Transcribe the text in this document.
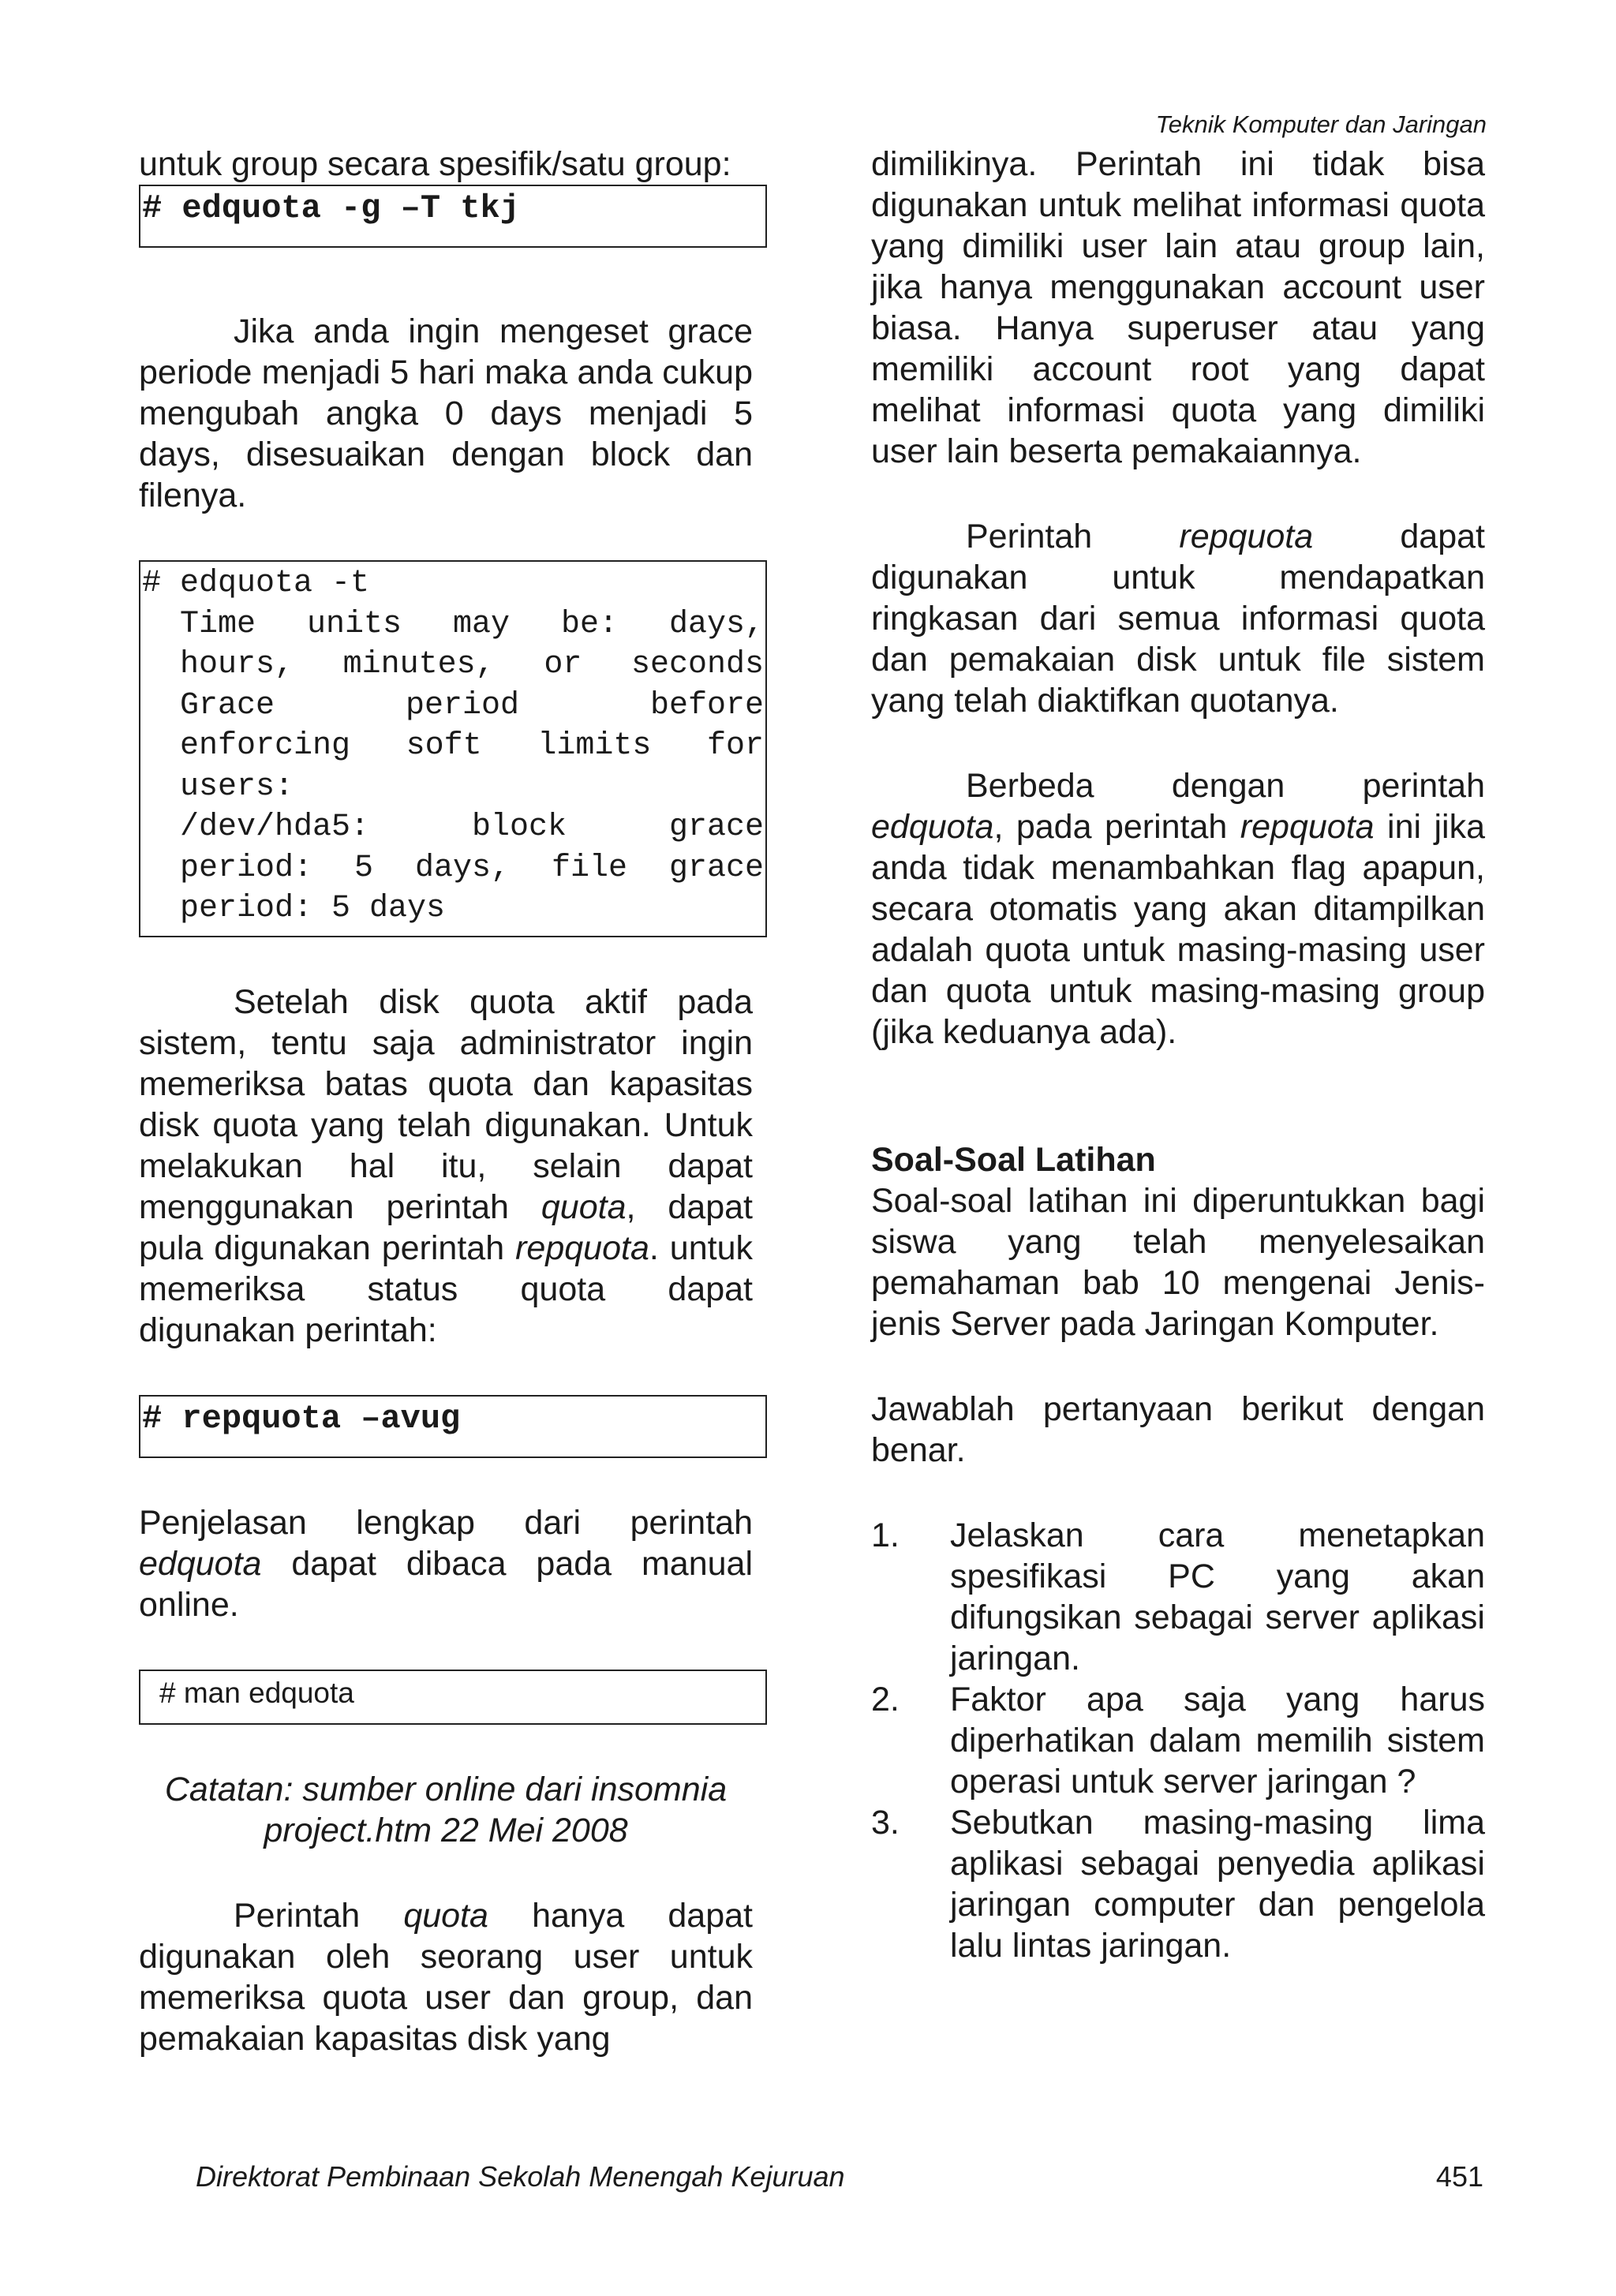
Teknik Komputer dan Jaringan

untuk group secara spesifik/satu group:

# edquota -g –T tkj

Jika anda ingin mengeset grace periode menjadi 5 hari maka anda cukup mengubah angka 0 days menjadi 5 days, disesuaikan dengan block dan filenya.

# edquota -t
Time units may be: days,
hours, minutes, or seconds
Grace period before
enforcing soft limits for
users:
/dev/hda5: block grace
period: 5 days, file grace
period: 5 days

Setelah disk quota aktif pada sistem, tentu saja administrator ingin memeriksa batas quota dan kapasitas disk quota yang telah digunakan. Untuk melakukan hal itu, selain dapat menggunakan perintah quota, dapat pula digunakan perintah repquota. untuk memeriksa status quota dapat digunakan perintah:

# repquota –avug

Penjelasan lengkap dari perintah edquota dapat dibaca pada manual online.

# man edquota

Catatan: sumber online dari insomnia project.htm 22 Mei 2008

Perintah quota hanya dapat digunakan oleh seorang user untuk memeriksa quota user dan group, dan pemakaian kapasitas disk yang

dimilikinya. Perintah ini tidak bisa digunakan untuk melihat informasi quota yang dimiliki user lain atau group lain, jika hanya menggunakan account user biasa. Hanya superuser atau yang memiliki account root yang dapat melihat informasi quota yang dimiliki user lain beserta pemakaiannya.

Perintah repquota dapat digunakan untuk mendapatkan ringkasan dari semua informasi quota dan pemakaian disk untuk file sistem yang telah diaktifkan quotanya.

Berbeda dengan perintah edquota, pada perintah repquota ini jika anda tidak menambahkan flag apapun, secara otomatis yang akan ditampilkan adalah quota untuk masing-masing user dan quota untuk masing-masing group (jika keduanya ada).

Soal-Soal Latihan

Soal-soal latihan ini diperuntukkan bagi siswa yang telah menyelesaikan pemahaman bab 10 mengenai Jenis-jenis Server pada Jaringan Komputer.

Jawablah pertanyaan berikut dengan benar.

1. Jelaskan cara menetapkan spesifikasi PC yang akan difungsikan sebagai server aplikasi jaringan.
2. Faktor apa saja yang harus diperhatikan dalam memilih sistem operasi untuk server jaringan ?
3. Sebutkan masing-masing lima aplikasi sebagai penyedia aplikasi jaringan computer dan pengelola lalu lintas jaringan.
Direktorat Pembinaan Sekolah Menengah Kejuruan	451
